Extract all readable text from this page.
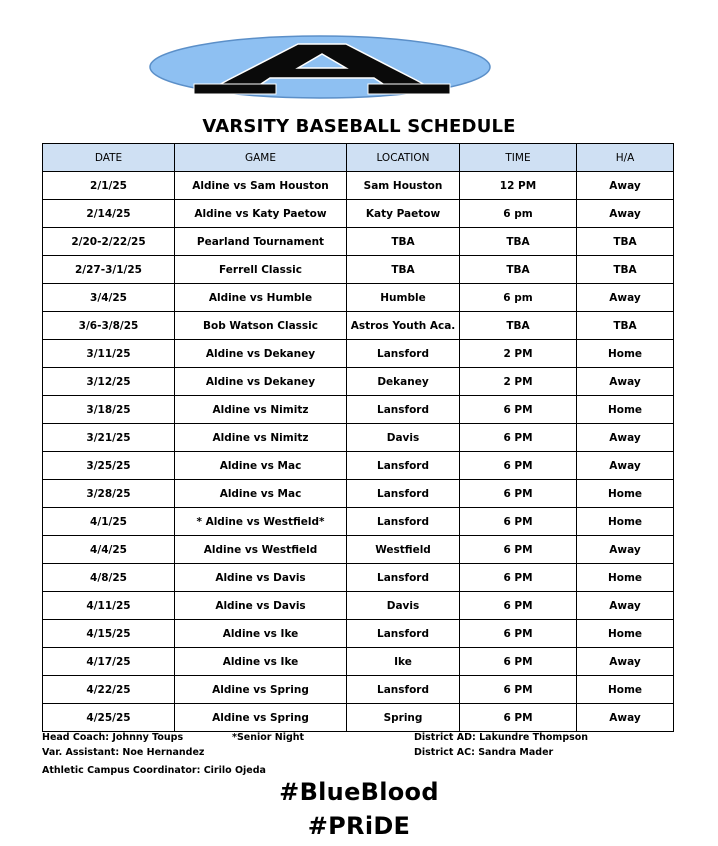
VARSITY BASEBALL SCHEDULE
DATE	GAME	LOCATION	TIME	H/A
2/1/25	Aldine vs Sam Houston	Sam Houston	12 PM	Away
2/14/25	Aldine vs Katy Paetow	Katy Paetow	6 pm	Away
2/20-2/22/25	Pearland Tournament	TBA	TBA	TBA
2/27-3/1/25	Ferrell Classic	TBA	TBA	TBA
3/4/25	Aldine vs Humble	Humble	6 pm	Away
3/6-3/8/25	Bob Watson Classic	Astros Youth Aca.	TBA	TBA
3/11/25	Aldine vs Dekaney	Lansford	2 PM	Home
3/12/25	Aldine vs Dekaney	Dekaney	2 PM	Away
3/18/25	Aldine vs Nimitz	Lansford	6 PM	Home
3/21/25	Aldine vs Nimitz	Davis	6 PM	Away
3/25/25	Aldine vs Mac	Lansford	6 PM	Away
3/28/25	Aldine vs Mac	Lansford	6 PM	Home
4/1/25	* Aldine vs Westfield*	Lansford	6 PM	Home
4/4/25	Aldine vs Westfield	Westfield	6 PM	Away
4/8/25	Aldine vs Davis	Lansford	6 PM	Home
4/11/25	Aldine vs Davis	Davis	6 PM	Away
4/15/25	Aldine vs Ike	Lansford	6 PM	Home
4/17/25	Aldine vs Ike	Ike	6 PM	Away
4/22/25	Aldine vs Spring	Lansford	6 PM	Home
4/25/25	Aldine vs Spring	Spring	6 PM	Away
Head Coach: Johnny Toups	*Senior Night	District AD: Lakundre Thompson
Var. Assistant: Noe Hernandez	District AC: Sandra Mader
Athletic Campus Coordinator: Cirilo Ojeda
#BlueBlood
#PRiDE
